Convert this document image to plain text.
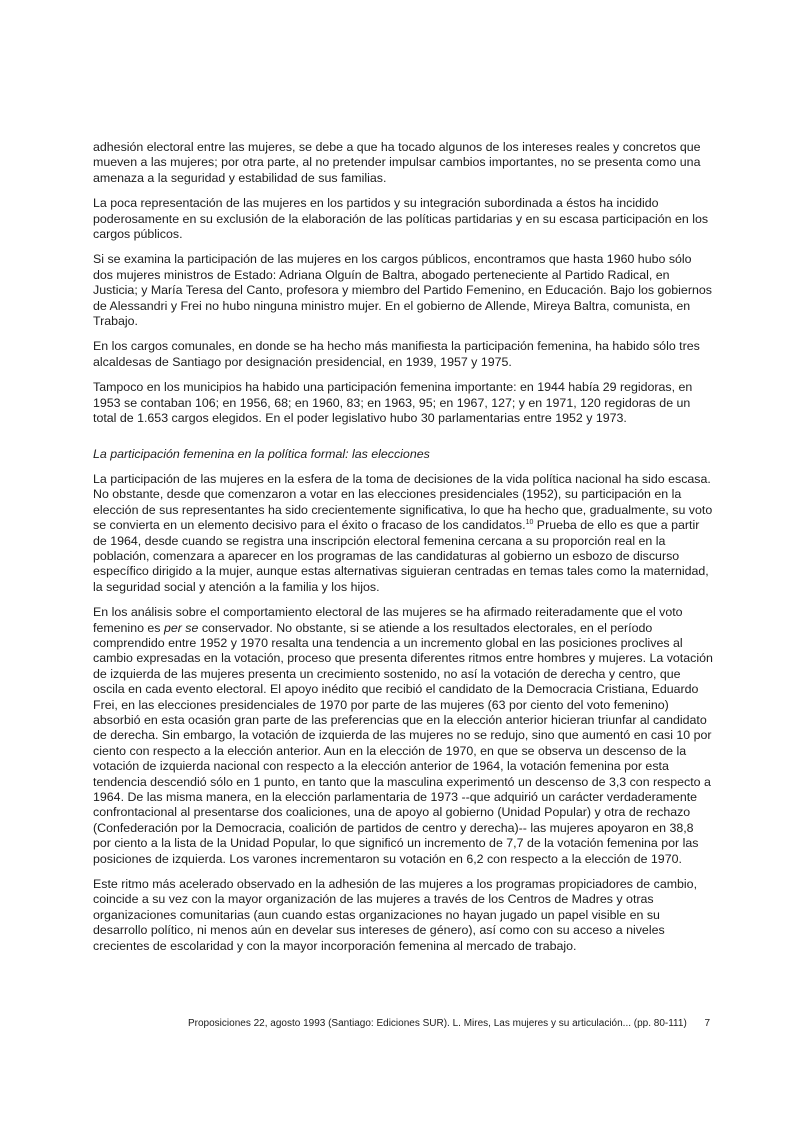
adhesión electoral entre las mujeres, se debe a que ha tocado algunos de los intereses reales y concretos que mueven a las mujeres; por otra parte, al no pretender impulsar cambios importantes, no se presenta como una amenaza a la seguridad y estabilidad de sus familias.

La poca representación de las mujeres en los partidos y su integración subordinada a éstos ha incidido poderosamente en su exclusión de la elaboración de las políticas partidarias y en su escasa participación en los cargos públicos.

Si se examina la participación de las mujeres en los cargos públicos, encontramos que hasta 1960 hubo sólo dos mujeres ministros de Estado: Adriana Olguín de Baltra, abogado perteneciente al Partido Radical, en Justicia; y María Teresa del Canto, profesora y miembro del Partido Femenino, en Educación. Bajo los gobiernos de Alessandri y Frei no hubo ninguna ministro mujer. En el gobierno de Allende, Mireya Baltra, comunista, en Trabajo.

En los cargos comunales, en donde se ha hecho más manifiesta la participación femenina, ha habido sólo tres alcaldesas de Santiago por designación presidencial, en 1939, 1957 y 1975.

Tampoco en los municipios ha habido una participación femenina importante: en 1944 había 29 regidoras, en 1953 se contaban 106; en 1956, 68; en 1960, 83; en 1963, 95; en 1967, 127; y en 1971, 120 regidoras de un total de 1.653 cargos elegidos. En el poder legislativo hubo 30 parlamentarias entre 1952 y 1973.

La participación femenina en la política formal: las elecciones

La participación de las mujeres en la esfera de la toma de decisiones de la vida política nacional ha sido escasa. No obstante, desde que comenzaron a votar en las elecciones presidenciales (1952), su participación en la elección de sus representantes ha sido crecientemente significativa, lo que ha hecho que, gradualmente, su voto se convierta en un elemento decisivo para el éxito o fracaso de los candidatos.$^{10}$ Prueba de ello es que a partir de 1964, desde cuando se registra una inscripción electoral femenina cercana a su proporción real en la población, comenzara a aparecer en los programas de las candidaturas al gobierno un esbozo de discurso específico dirigido a la mujer, aunque estas alternativas siguieran centradas en temas tales como la maternidad, la seguridad social y atención a la familia y los hijos.

En los análisis sobre el comportamiento electoral de las mujeres se ha afirmado reiteradamente que el voto femenino es per se conservador. No obstante, si se atiende a los resultados electorales, en el período comprendido entre 1952 y 1970 resalta una tendencia a un incremento global en las posiciones proclives al cambio expresadas en la votación, proceso que presenta diferentes ritmos entre hombres y mujeres. La votación de izquierda de las mujeres presenta un crecimiento sostenido, no así la votación de derecha y centro, que oscila en cada evento electoral. El apoyo inédito que recibió el candidato de la Democracia Cristiana, Eduardo Frei, en las elecciones presidenciales de 1970 por parte de las mujeres (63 por ciento del voto femenino) absorbió en esta ocasión gran parte de las preferencias que en la elección anterior hicieran triunfar al candidato de derecha. Sin embargo, la votación de izquierda de las mujeres no se redujo, sino que aumentó en casi 10 por ciento con respecto a la elección anterior. Aun en la elección de 1970, en que se observa un descenso de la votación de izquierda nacional con respecto a la elección anterior de 1964, la votación femenina por esta tendencia descendió sólo en 1 punto, en tanto que la masculina experimentó un descenso de 3,3 con respecto a 1964. De las misma manera, en la elección parlamentaria de 1973 --que adquirió un carácter verdaderamente confrontacional al presentarse dos coaliciones, una de apoyo al gobierno (Unidad Popular) y otra de rechazo (Confederación por la Democracia, coalición de partidos de centro y derecha)-- las mujeres apoyaron en 38,8 por ciento a la lista de la Unidad Popular, lo que significó un incremento de 7,7 de la votación femenina por las posiciones de izquierda. Los varones incrementaron su votación en 6,2 con respecto a la elección de 1970.

Este ritmo más acelerado observado en la adhesión de las mujeres a los programas propiciadores de cambio, coincide a su vez con la mayor organización de las mujeres a través de los Centros de Madres y otras organizaciones comunitarias (aun cuando estas organizaciones no hayan jugado un papel visible en su desarrollo político, ni menos aún en develar sus intereses de género), así como con su acceso a niveles crecientes de escolaridad y con la mayor incorporación femenina al mercado de trabajo.

Proposiciones 22, agosto 1993 (Santiago: Ediciones SUR). L. Mires, Las mujeres y su articulación... (pp. 80-111) 7
